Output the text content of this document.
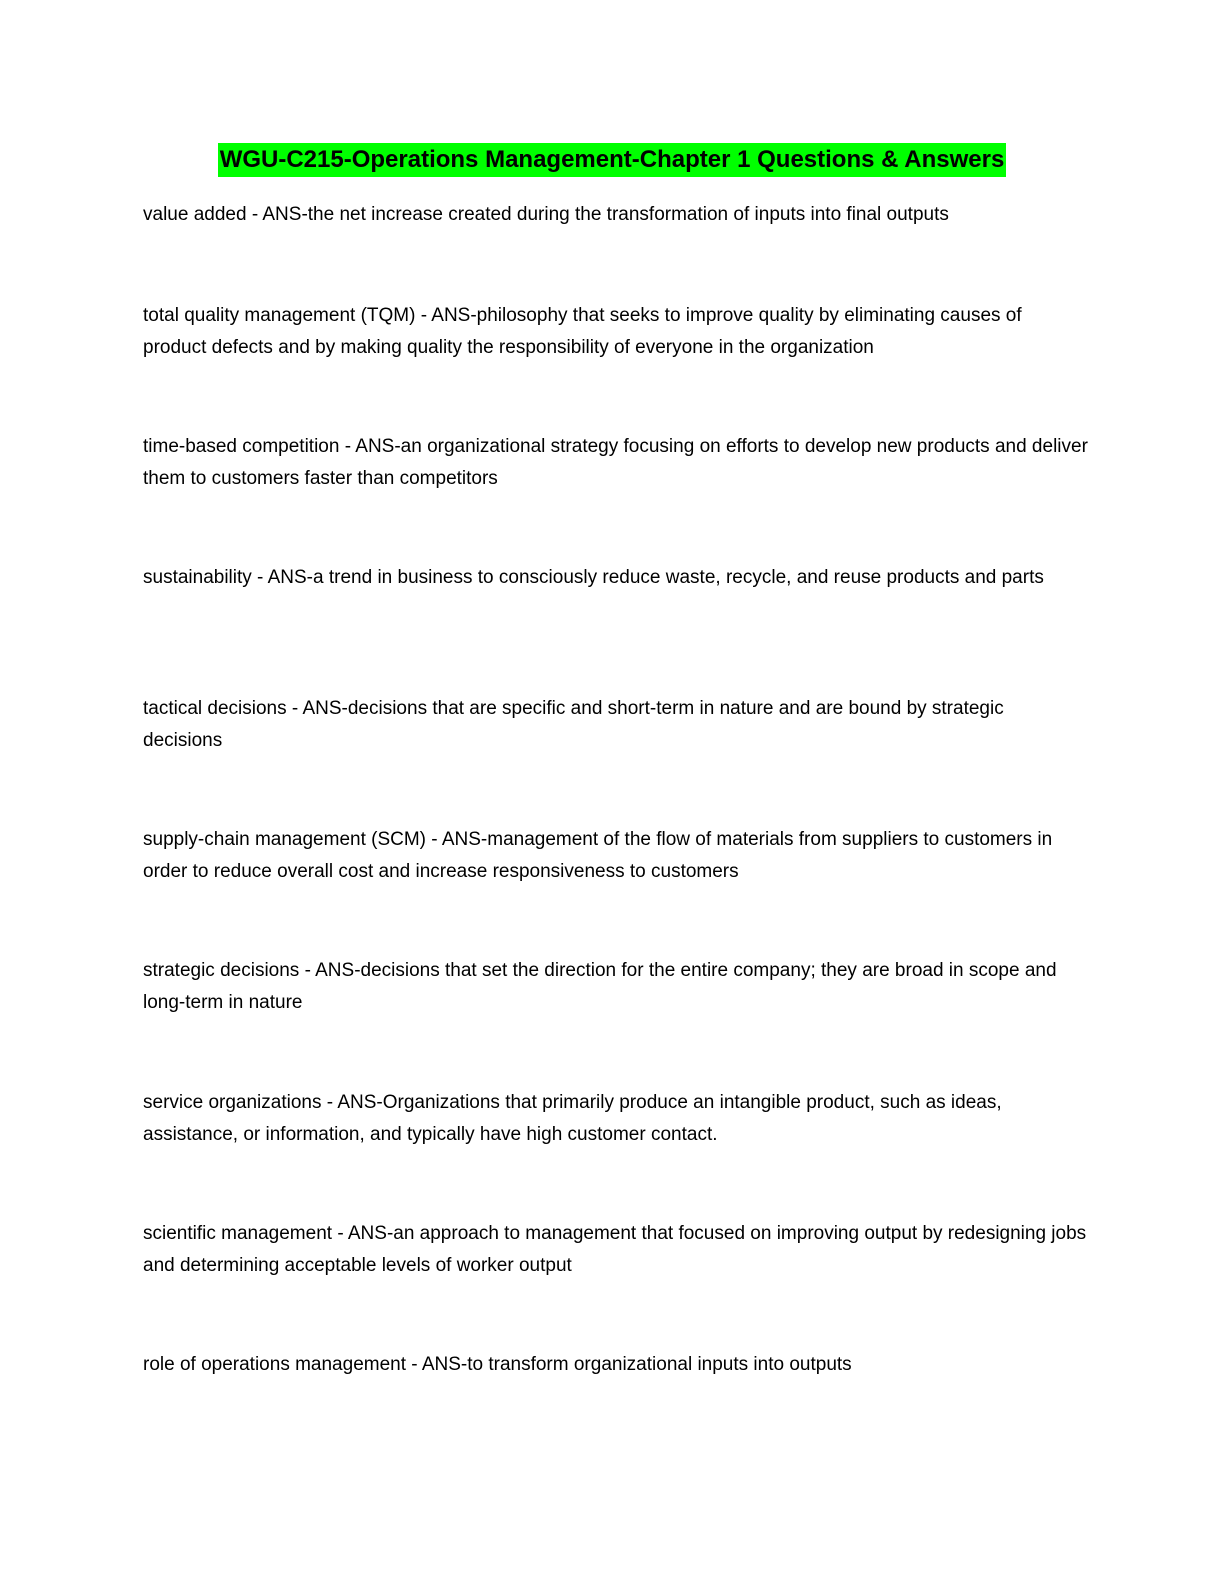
WGU-C215-Operations Management-Chapter 1 Questions & Answers
value added - ANS-the net increase created during the transformation of inputs into final outputs
total quality management (TQM) - ANS-philosophy that seeks to improve quality by eliminating causes of product defects and by making quality the responsibility of everyone in the organization
time-based competition - ANS-an organizational strategy focusing on efforts to develop new products and deliver them to customers faster than competitors
sustainability - ANS-a trend in business to consciously reduce waste, recycle, and reuse products and parts
tactical decisions - ANS-decisions that are specific and short-term in nature and are bound by strategic decisions
supply-chain management (SCM) - ANS-management of the flow of materials from suppliers to customers in order to reduce overall cost and increase responsiveness to customers
strategic decisions - ANS-decisions that set the direction for the entire company; they are broad in scope and long-term in nature
service organizations - ANS-Organizations that primarily produce an intangible product, such as ideas, assistance, or information, and typically have high customer contact.
scientific management - ANS-an approach to management that focused on improving output by redesigning jobs and determining acceptable levels of worker output
role of operations management - ANS-to transform organizational inputs into outputs
